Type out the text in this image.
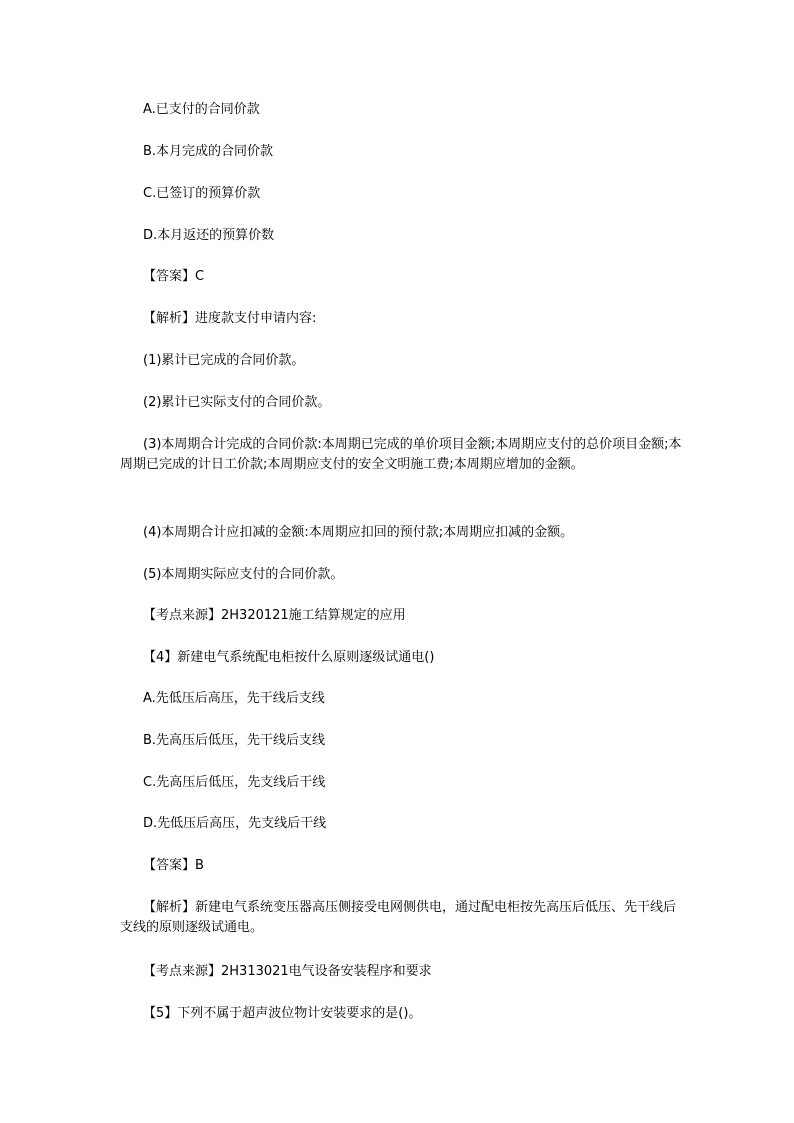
A.已支付的合同价款

B.本月完成的合同价款

C.已签订的预算价款

D.本月返还的预算价数

【答案】C

【解析】进度款支付申请内容:

(1)累计已完成的合同价款。

(2)累计已实际支付的合同价款。

(3)本周期合计完成的合同价款:本周期已完成的单价项目金额;本周期应支付的总价项目金额;本周期已完成的计日工价款;本周期应支付的安全文明施工费;本周期应增加的金额。

(4)本周期合计应扣减的金额:本周期应扣回的预付款;本周期应扣减的金额。

(5)本周期实际应支付的合同价款。

【考点来源】2H320121施工结算规定的应用

【4】新建电气系统配电柜按什么原则逐级试通电()

A.先低压后高压，先干线后支线

B.先高压后低压，先干线后支线

C.先高压后低压，先支线后干线

D.先低压后高压，先支线后干线

【答案】B

【解析】新建电气系统变压器高压侧接受电网侧供电，通过配电柜按先高压后低压、先干线后支线的原则逐级试通电。

【考点来源】2H313021电气设备安装程序和要求

【5】下列不属于超声波位物计安装要求的是()。
